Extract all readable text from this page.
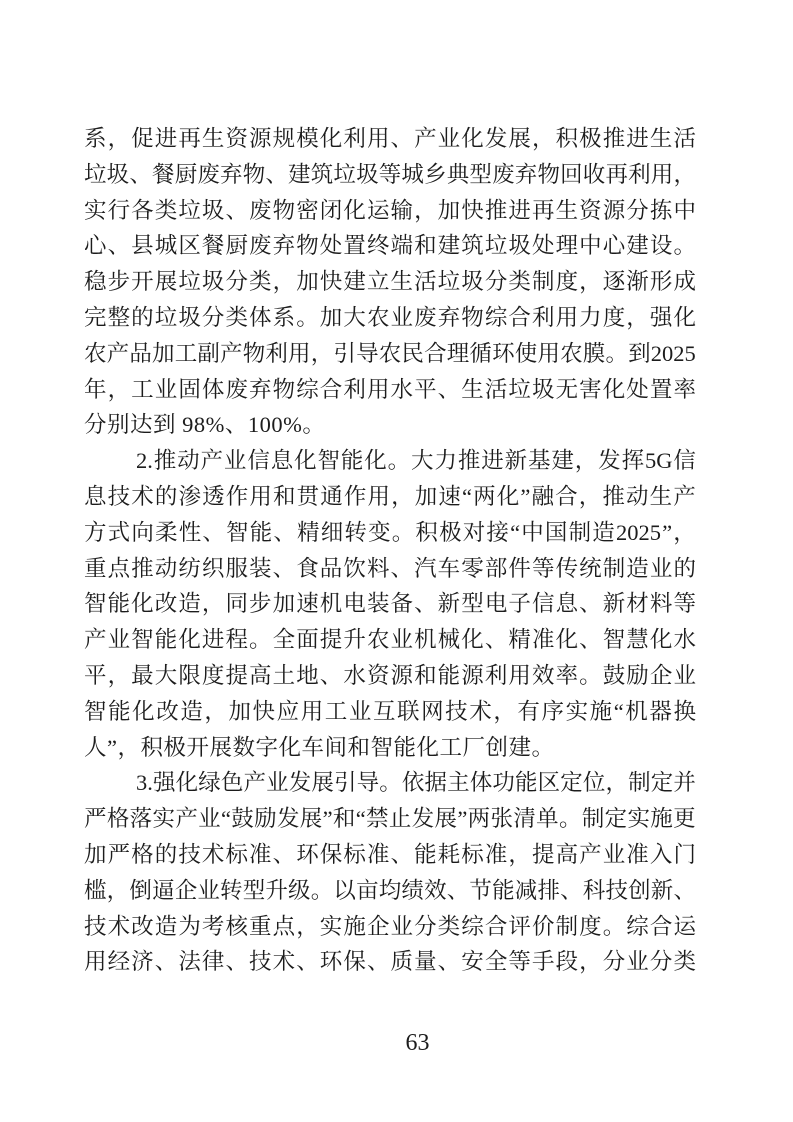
系 ， 促 进 再 生 资 源 规 模 化 利 用 、 产 业 化 发 展 ， 积 极 推 进 生 活
垃 圾 、 餐 厨 废 弃 物 、 建 筑 垃 圾 等 城 乡 典 型 废 弃 物 回 收 再 利 用 ，
实 行 各 类 垃 圾 、 废 物 密 闭 化 运 输 ， 加 快 推 进 再 生 资 源 分 拣 中
心 、 县 城 区 餐 厨 废 弃 物 处 置 终 端 和 建 筑 垃 圾 处 理 中 心 建 设 。
稳 步 开 展 垃 圾 分 类 ， 加 快 建 立 生 活 垃 圾 分 类 制 度 ， 逐 渐 形 成
完 整 的 垃 圾 分 类 体 系 。 加 大 农 业 废 弃 物 综 合 利 用 力 度 ， 强 化
农 产 品 加 工 副 产 物 利 用 ， 引 导 农 民 合 理 循 环 使 用 农 膜 。 到 2025
年 ， 工 业 固 体 废 弃 物 综 合 利 用 水 平 、 生 活 垃 圾 无 害 化 处 置 率
分别达到 98%、100%。
2. 推 动 产 业 信 息 化 智 能 化 。 大 力 推 进 新 基 建 ， 发 挥 5G 信
息 技 术 的 渗 透 作 用 和 贯 通 作 用 ， 加 速 “ 两 化 ” 融 合 ， 推 动 生 产
方 式 向 柔 性 、 智 能 、 精 细 转 变 。 积 极 对 接 “ 中 国 制 造 2025 ” ，
重 点 推 动 纺 织 服 装 、 食 品 饮 料 、 汽 车 零 部 件 等 传 统 制 造 业 的
智 能 化 改 造 ， 同 步 加 速 机 电 装 备 、 新 型 电 子 信 息 、 新 材 料 等
产 业 智 能 化 进 程 。 全 面 提 升 农 业 机 械 化 、 精 准 化 、 智 慧 化 水
平 ， 最 大 限 度 提 高 土 地 、 水 资 源 和 能 源 利 用 效 率 。 鼓 励 企 业
智 能 化 改 造 ， 加 快 应 用 工 业 互 联 网 技 术 ， 有 序 实 施 “ 机 器 换
人”，积极开展数字化车间和智能化工厂创建。
3. 强 化 绿 色 产 业 发 展 引 导 。 依 据 主 体 功 能 区 定 位 ， 制 定 并
严 格 落 实 产 业 “ 鼓 励 发 展 ” 和 “ 禁 止 发 展 ” 两 张 清 单 。 制 定 实 施 更
加 严 格 的 技 术 标 准 、 环 保 标 准 、 能 耗 标 准 ， 提 高 产 业 准 入 门
槛 ， 倒 逼 企 业 转 型 升 级 。 以 亩 均 绩 效 、 节 能 减 排 、 科 技 创 新 、
技 术 改 造 为 考 核 重 点 ， 实 施 企 业 分 类 综 合 评 价 制 度 。 综 合 运
用 经 济 、 法 律 、 技 术 、 环 保 、 质 量 、 安 全 等 手 段 ， 分 业 分 类
63
